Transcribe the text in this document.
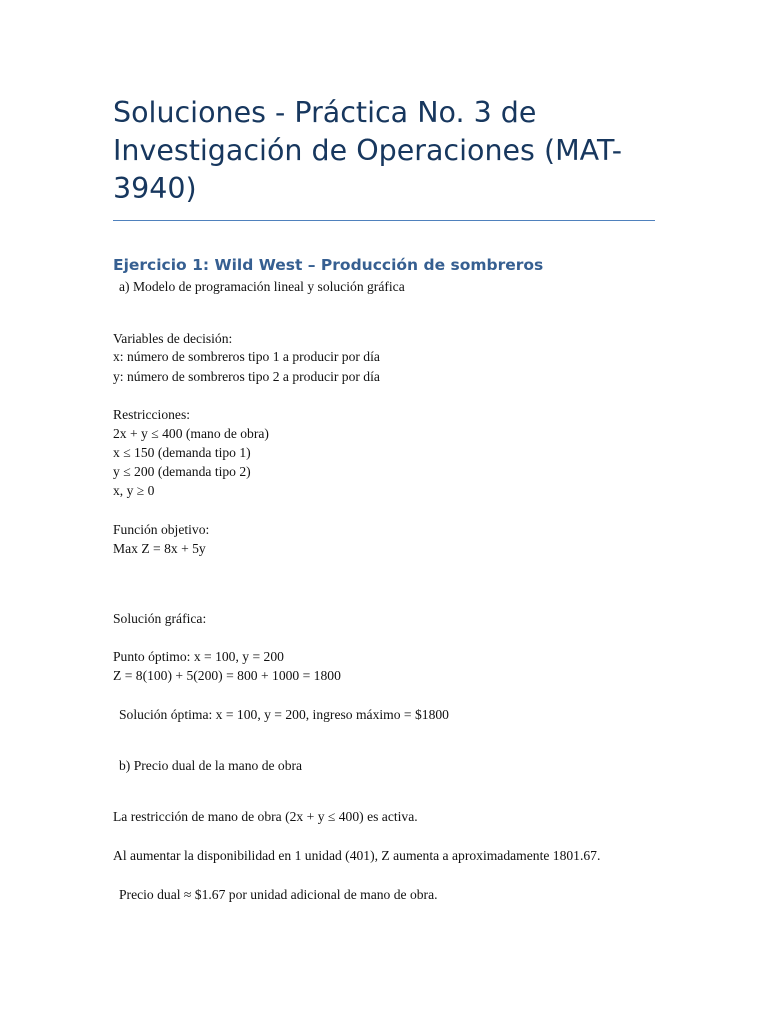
Soluciones - Práctica No. 3 de Investigación de Operaciones (MAT-3940)
Ejercicio 1: Wild West – Producción de sombreros

a) Modelo de programación lineal y solución gráfica

Variables de decisión:

x: número de sombreros tipo 1 a producir por día

y: número de sombreros tipo 2 a producir por día

Restricciones:

2x + y ≤ 400 (mano de obra)

x ≤ 150 (demanda tipo 1)

y ≤ 200 (demanda tipo 2)

x, y ≥ 0

Función objetivo:

Max Z = 8x + 5y

Solución gráfica:

Punto óptimo: x = 100, y = 200

Z = 8(100) + 5(200) = 800 + 1000 = 1800

Solución óptima: x = 100, y = 200, ingreso máximo = $1800

b) Precio dual de la mano de obra

La restricción de mano de obra (2x + y ≤ 400) es activa.

Al aumentar la disponibilidad en 1 unidad (401), Z aumenta a aproximadamente 1801.67.

Precio dual ≈ $1.67 por unidad adicional de mano de obra.
